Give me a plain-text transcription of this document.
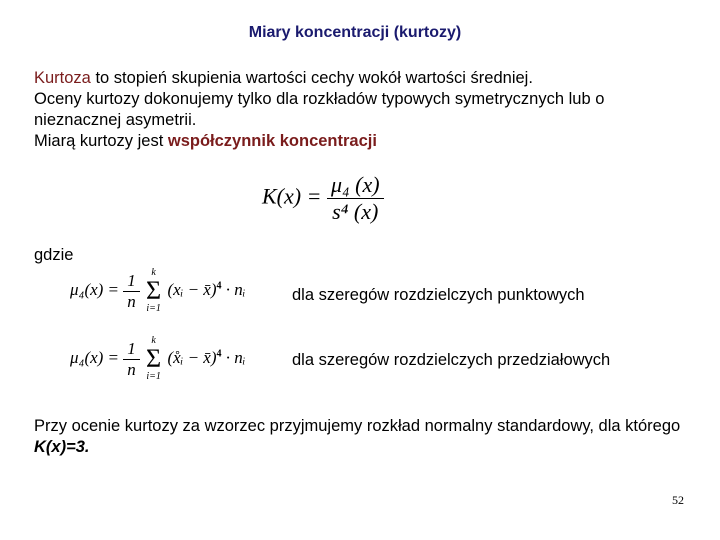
Miary koncentracji (kurtozy)
Kurtoza to stopień skupienia wartości cechy wokół wartości średniej.
Oceny kurtozy dokonujemy tylko dla rozkładów typowych symetrycznych lub o nieznacznej asymetrii.
Miarą kurtozy jest współczynnik koncentracji
$K(x) = \frac{\text{μ₄ (x)}}{\text{s⁴ (x)}}$
gdzie
$\mu_4(x) = \frac{1}{n}$
	k
Σ
i=1
(xᵢ − x̄)$^4$ · nᵢ	dla szeregów rozdzielczych punktowych
$\mu_4(x) = \frac{1}{n}$
	k
Σ
i=1
(x̊ᵢ − x̄)$^4$ · nᵢ	dla szeregów rozdzielczych przedziałowych
Przy ocenie kurtozy za wzorzec przyjmujemy rozkład normalny standardowy, dla którego K(x)=3.
52
